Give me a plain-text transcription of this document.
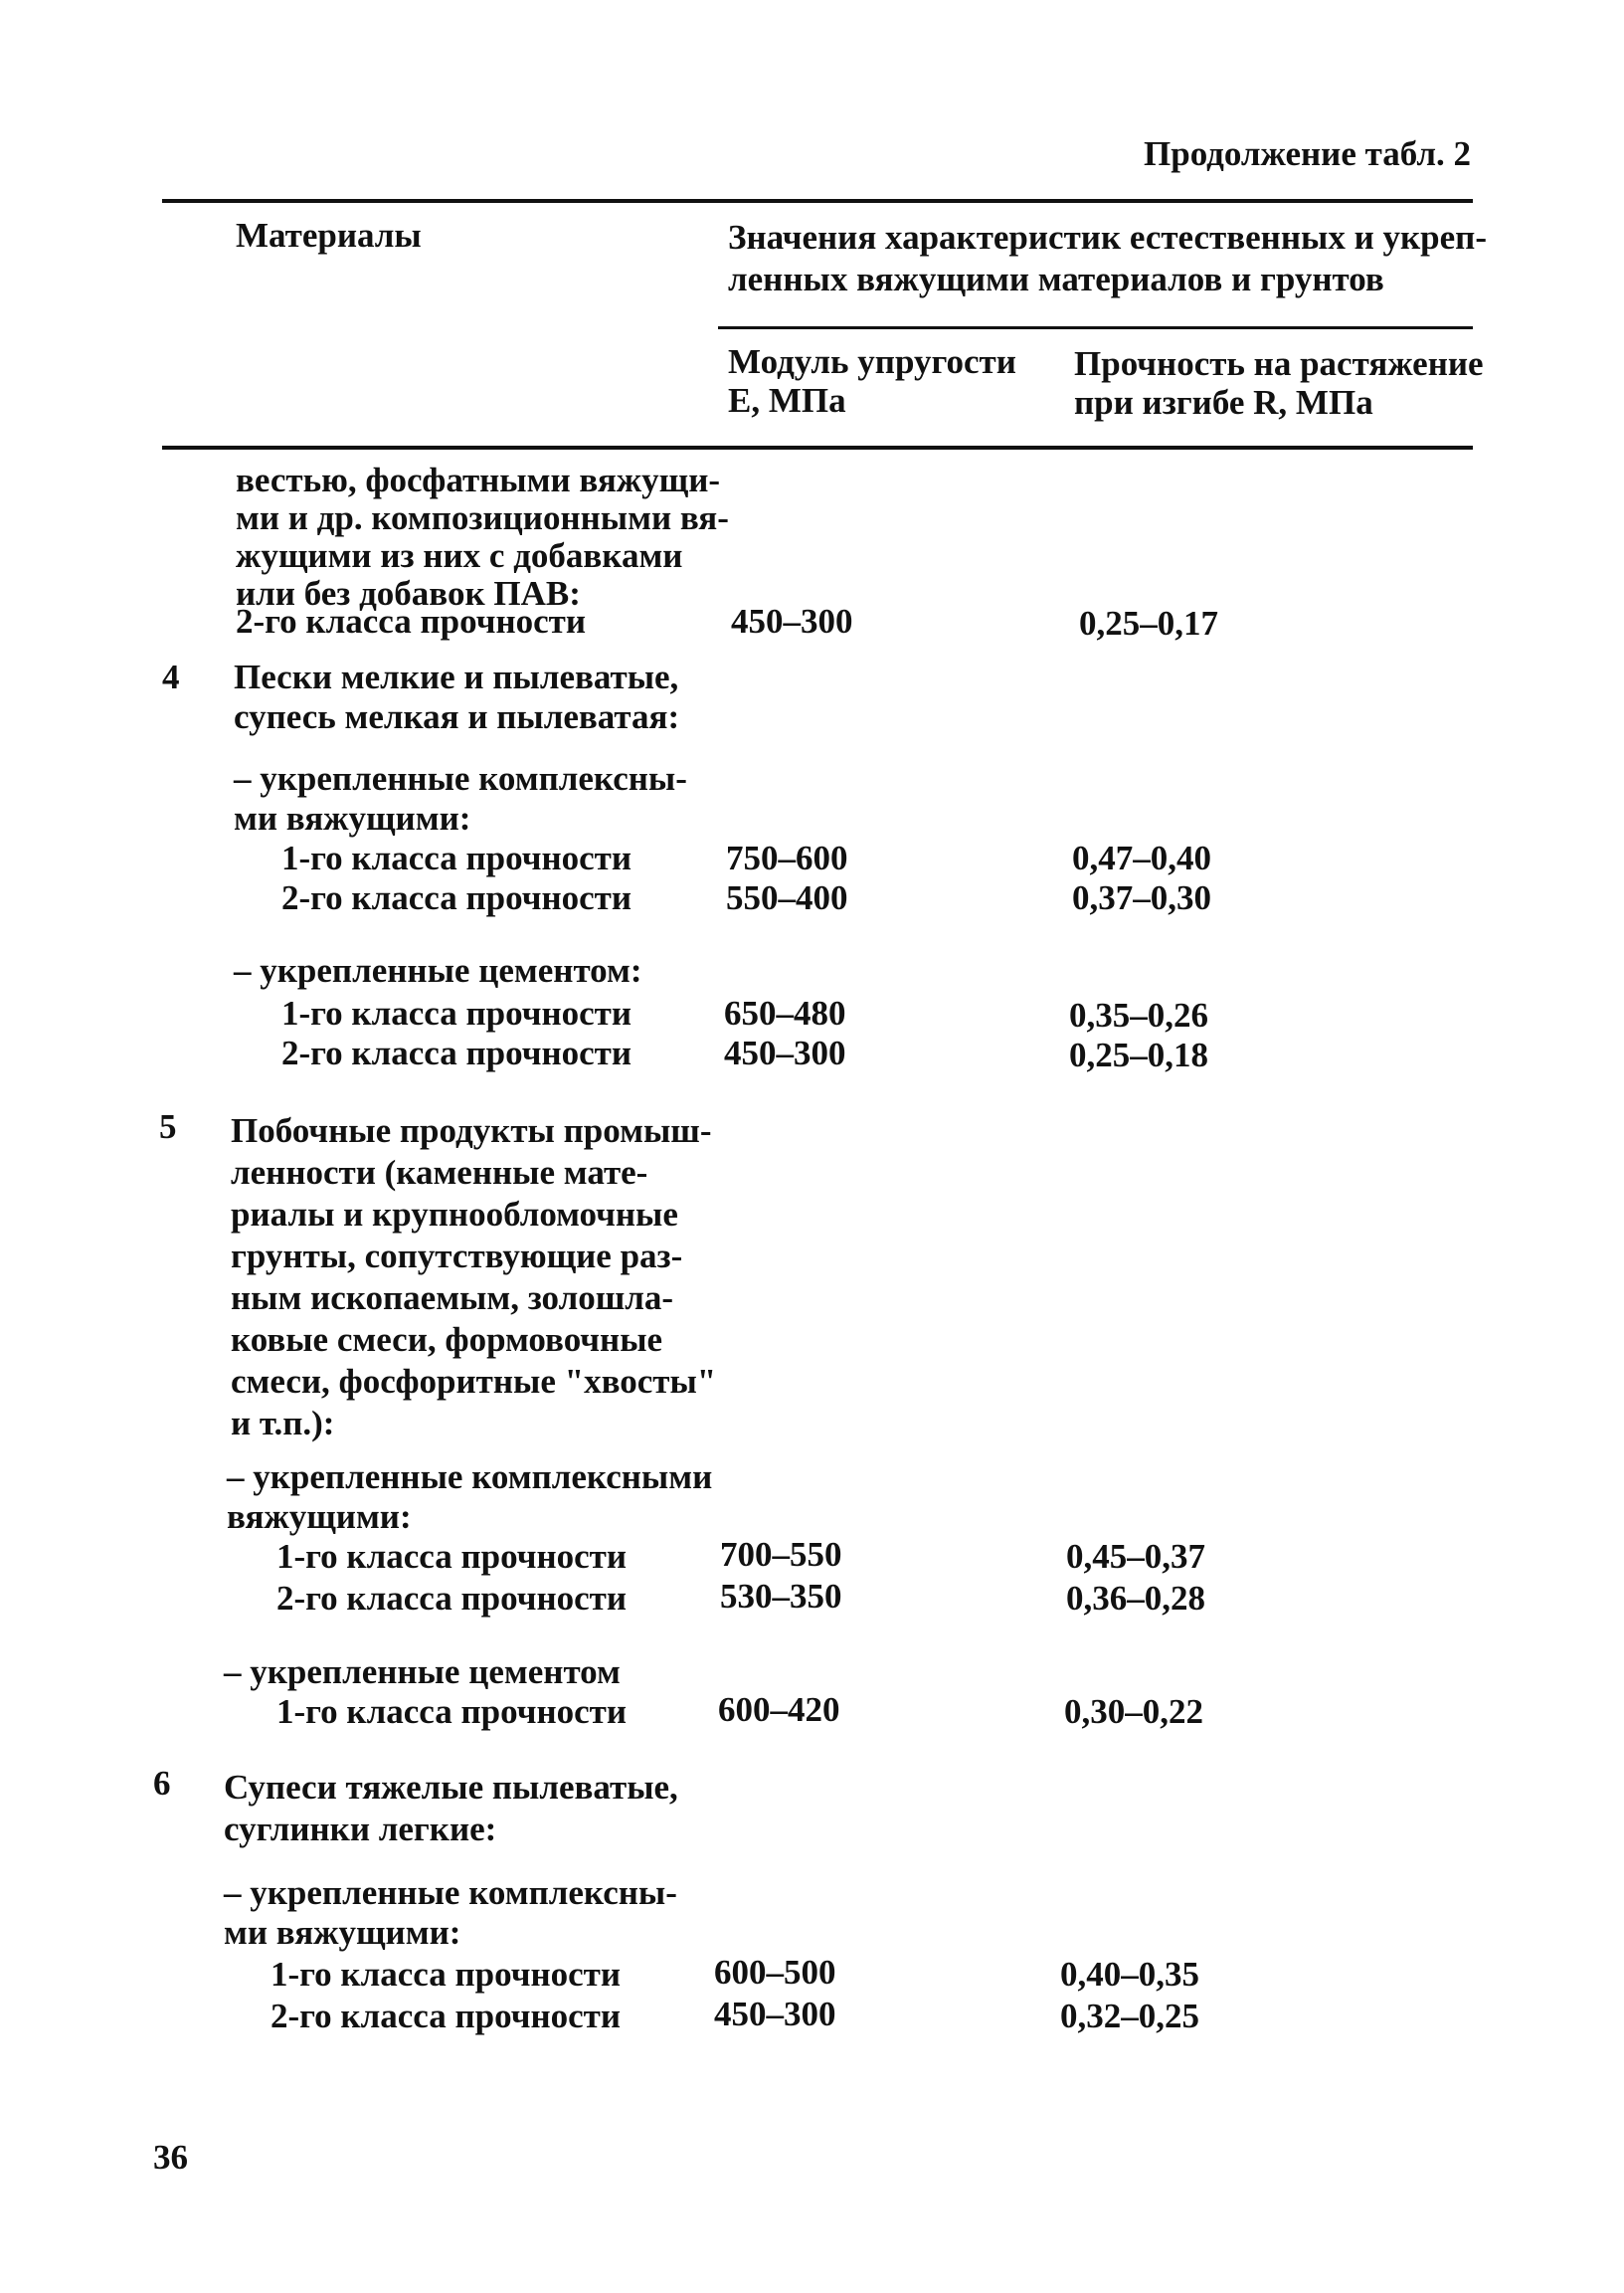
Продолжение табл. 2
Материалы	Значения характеристик естественных и укреп-
ленных вяжущими материалов и грунтов
Модуль упругости
E, МПа
Прочность на растяжение
при изгибе R, МПа
вестью, фосфатными вяжущи-
ми и др. композиционными вя-
жущими из них с добавками
или без добавок ПАВ:
2-го класса прочности	450–300	0,25–0,17
4 Пески мелкие и пылеватые,
супесь мелкая и пылеватая:
– укрепленные комплексны-
ми вяжущими:
1-го класса прочности	750–600	0,47–0,40
2-го класса прочности	550–400	0,37–0,30
– укрепленные цементом:
1-го класса прочности	650–480	0,35–0,26
2-го класса прочности	450–300	0,25–0,18
5 Побочные продукты промыш-
ленности (каменные мате-
риалы и крупнообломочные
грунты, сопутствующие раз-
ным ископаемым, золошла-
ковые смеси, формовочные
смеси, фосфоритные "хвосты"
и т.п.):
– укрепленные комплексными
вяжущими:
1-го класса прочности	700–550	0,45–0,37
2-го класса прочности	530–350	0,36–0,28
– укрепленные цементом
1-го класса прочности	600–420	0,30–0,22
6 Супеси тяжелые пылеватые,
суглинки легкие:
– укрепленные комплексны-
ми вяжущими:
1-го класса прочности	600–500	0,40–0,35
2-го класса прочности	450–300	0,32–0,25
36
